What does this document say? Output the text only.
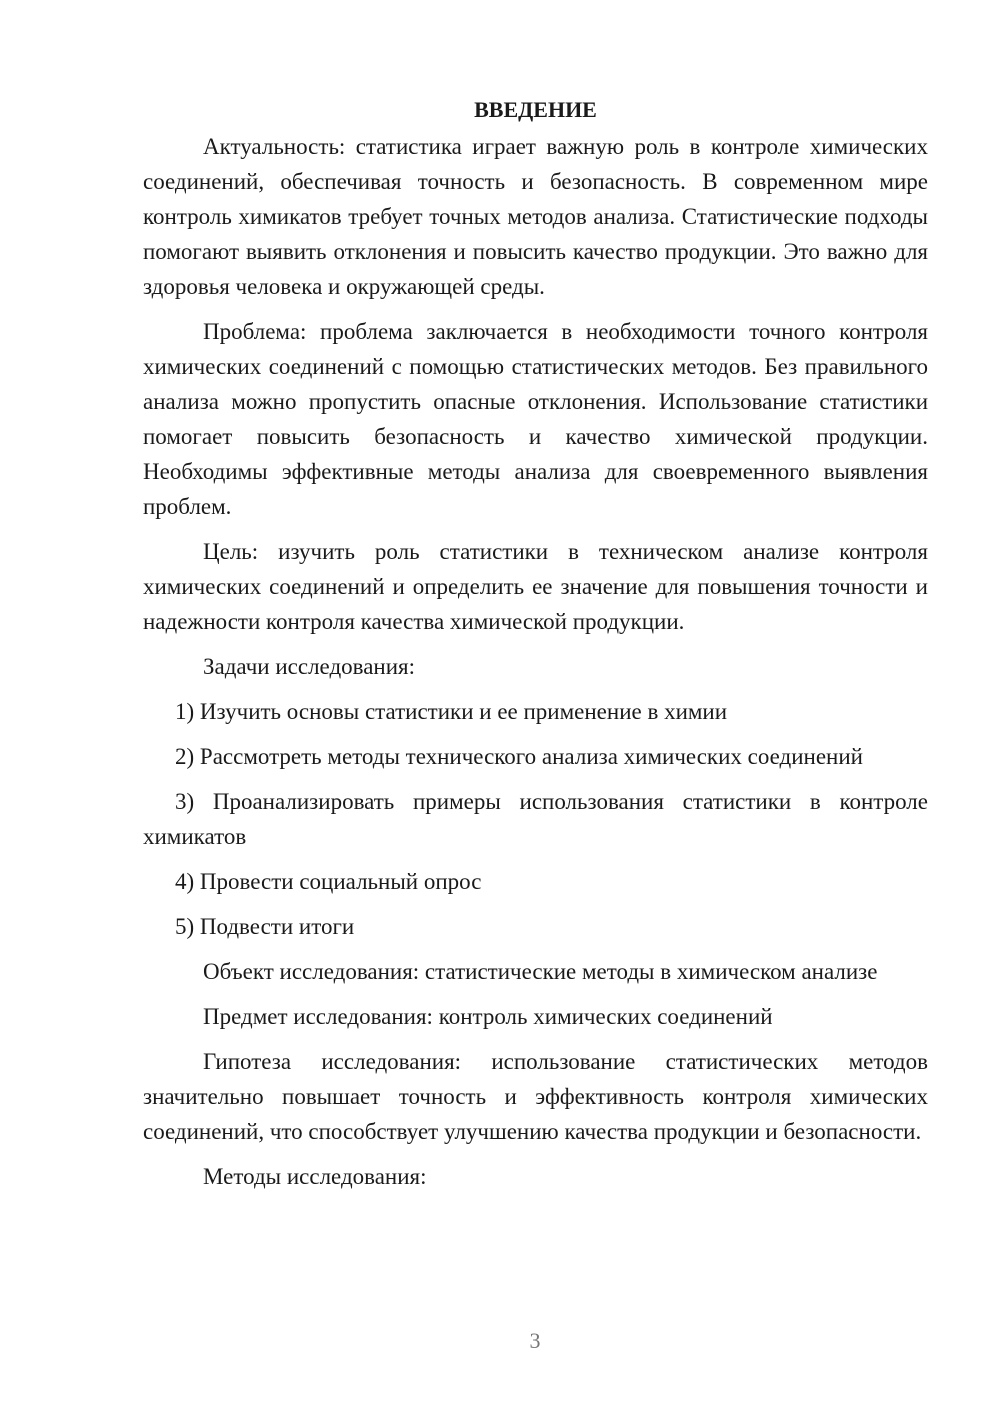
ВВЕДЕНИЕ

Актуальность: статистика играет важную роль в контроле химических соединений, обеспечивая точность и безопасность. В современном мире контроль химикатов требует точных методов анализа. Статистические подходы помогают выявить отклонения и повысить качество продукции. Это важно для здоровья человека и окружающей среды.

Проблема: проблема заключается в необходимости точного контроля химических соединений с помощью статистических методов. Без правильного анализа можно пропустить опасные отклонения. Использование статистики помогает повысить безопасность и качество химической продукции. Необходимы эффективные методы анализа для своевременного выявления проблем.

Цель: изучить роль статистики в техническом анализе контроля химических соединений и определить ее значение для повышения точности и надежности контроля качества химической продукции.

Задачи исследования:

1) Изучить основы статистики и ее применение в химии

2) Рассмотреть методы технического анализа химических соединений

3) Проанализировать примеры использования статистики в контроле химикатов

4) Провести социальный опрос

5) Подвести итоги

Объект исследования: статистические методы в химическом анализе

Предмет исследования: контроль химических соединений

Гипотеза исследования: использование статистических методов значительно повышает точность и эффективность контроля химических соединений, что способствует улучшению качества продукции и безопасности.

Методы исследования:

3
